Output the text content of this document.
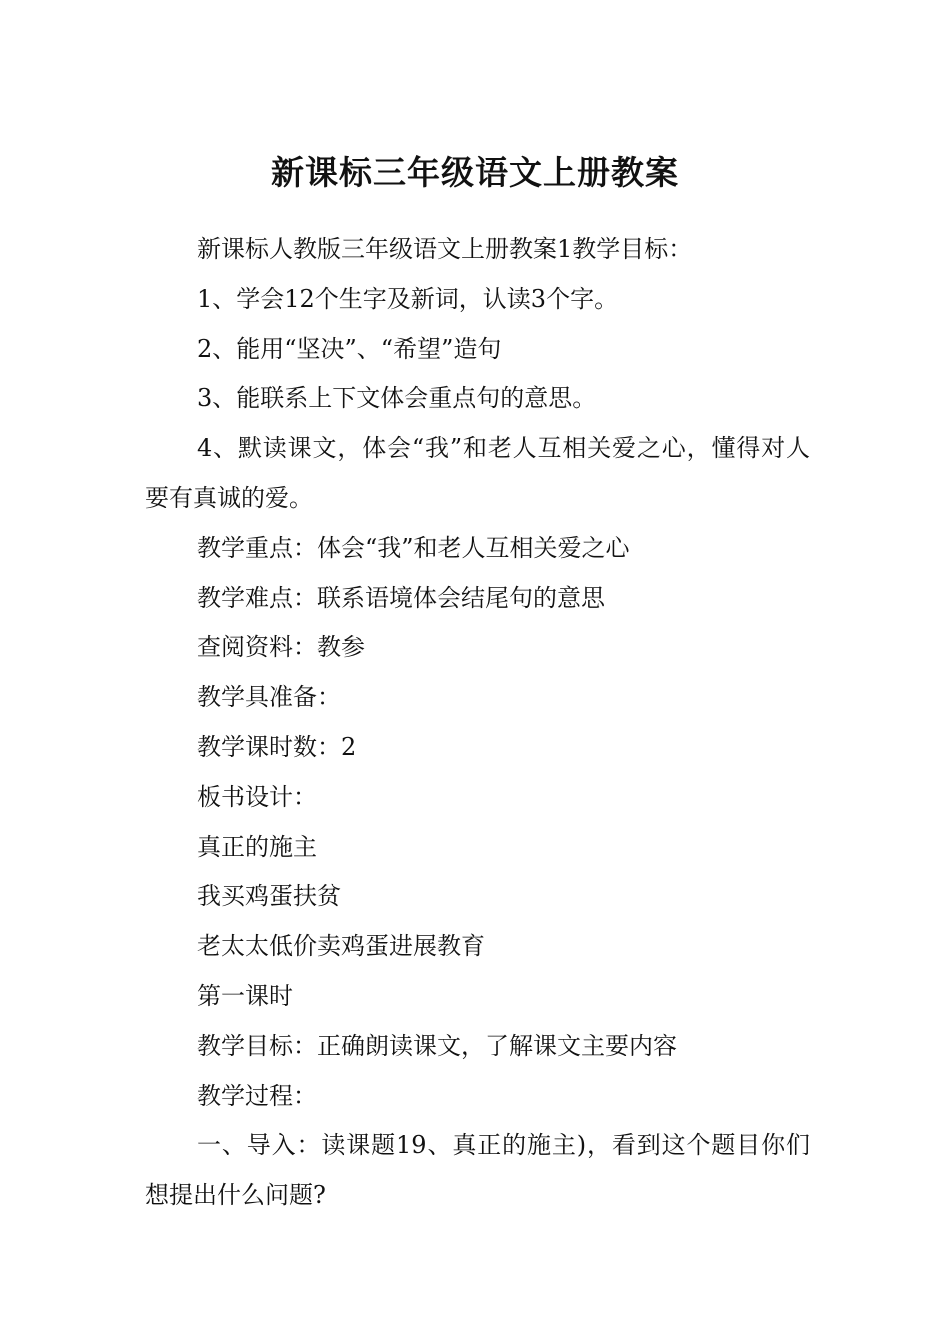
新课标三年级语文上册教案

新课标人教版三年级语文上册教案1教学目标：

1、学会12个生字及新词，认读3个字。

2、能用“坚决”、“希望”造句

3、能联系上下文体会重点句的意思。

4、默读课文，体会“我”和老人互相关爱之心，懂得对人要有真诚的爱。

教学重点：体会“我”和老人互相关爱之心

教学难点：联系语境体会结尾句的意思

查阅资料：教参

教学具准备：

教学课时数：2

板书设计：

真正的施主

我买鸡蛋扶贫

老太太低价卖鸡蛋进展教育

第一课时

教学目标：正确朗读课文，了解课文主要内容

教学过程：

一、导入：读课题19、真正的施主)，看到这个题目你们想提出什么问题?
